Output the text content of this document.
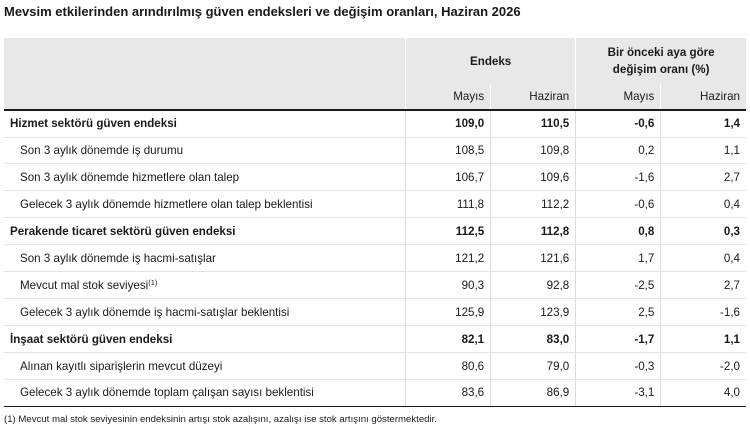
Mevsim etkilerinden arındırılmış güven endeksleri ve değişim oranları, Haziran 2026
	Endeks		Bir önceki aya göre
değişim oranı (%)	

	Mayıs	Haziran	Mayıs	Haziran
Hizmet sektörü güven endeksi	109,0	110,5	-0,6	1,4
Son 3 aylık dönemde iş durumu	108,5	109,8	0,2	1,1
Son 3 aylık dönemde hizmetlere olan talep	106,7	109,6	-1,6	2,7
Gelecek 3 aylık dönemde hizmetlere olan talep beklentisi	111,8	112,2	-0,6	0,4
Perakende ticaret sektörü güven endeksi	112,5	112,8	0,8	0,3
Son 3 aylık dönemde iş hacmi-satışlar	121,2	121,6	1,7	0,4
Mevcut mal stok seviyesi$^{(1)}$	90,3	92,8	-2,5	2,7
Gelecek 3 aylık dönemde iş hacmi-satışlar beklentisi	125,9	123,9	2,5	-1,6
İnşaat sektörü güven endeksi	82,1	83,0	-1,7	1,1
Alınan kayıtlı siparişlerin mevcut düzeyi	80,6	79,0	-0,3	-2,0
Gelecek 3 aylık dönemde toplam çalışan sayısı beklentisi	83,6	86,9	-3,1	4,0
(1) Mevcut mal stok seviyesinin endeksinin artışı stok azalışını, azalışı ise stok artışını göstermektedir.
